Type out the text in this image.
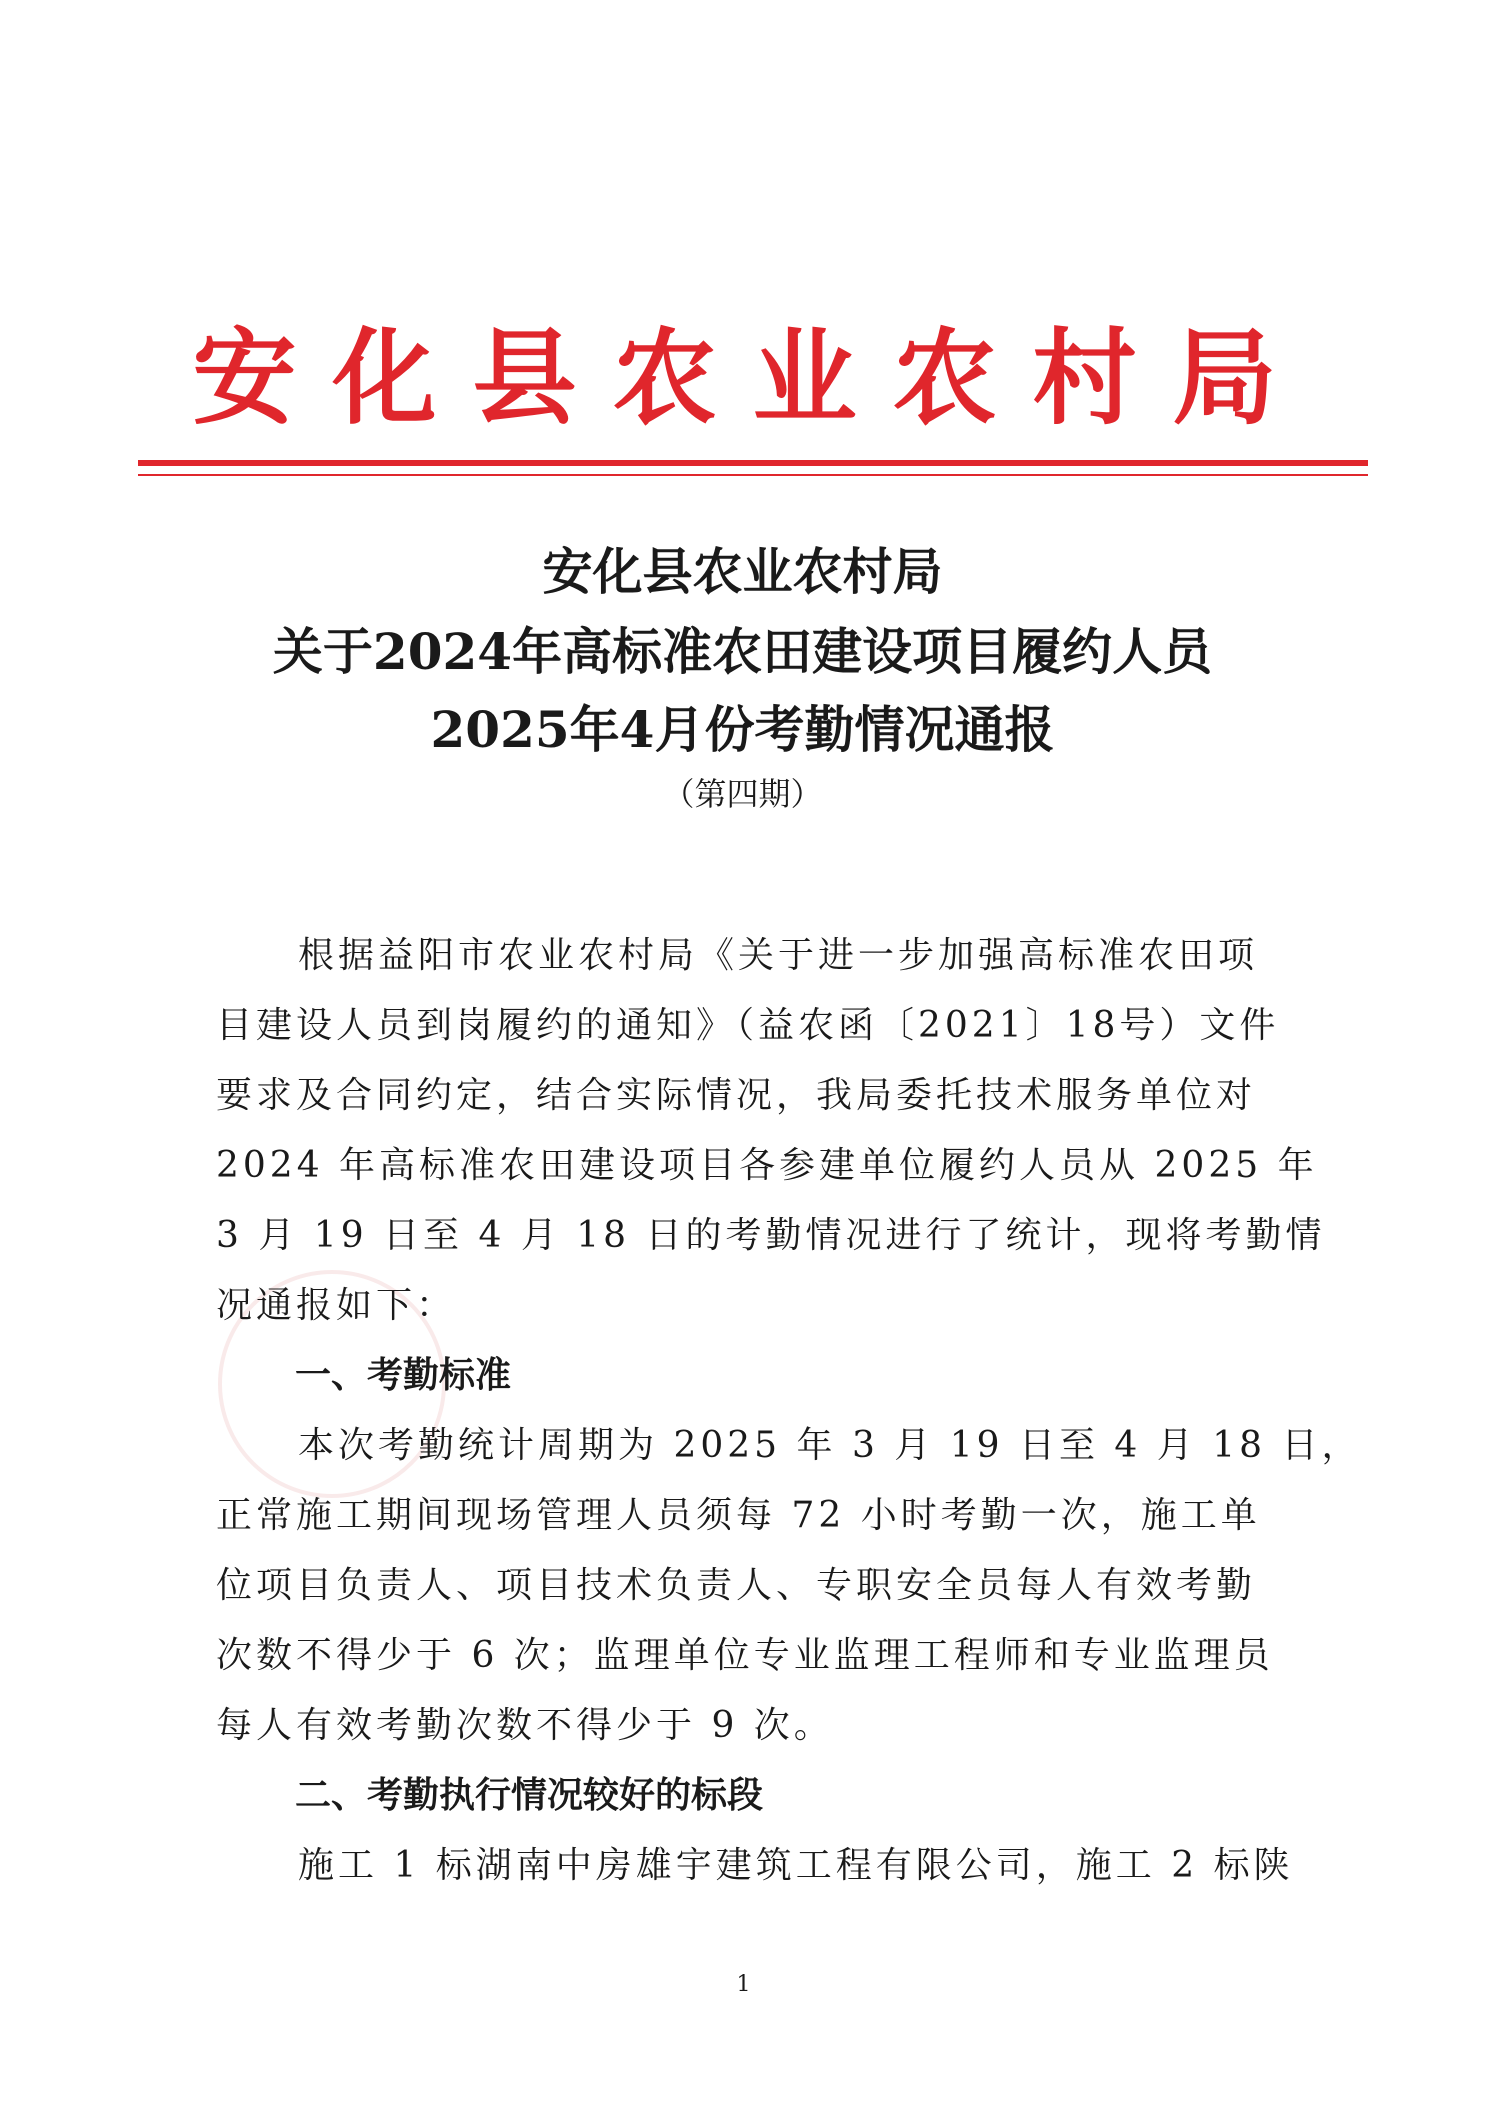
安化县农业农村局
安化县农业农村局
关于2024年高标准农田建设项目履约人员
2025年4月份考勤情况通报
（第四期）
根据益阳市农业农村局《关于进一步加强高标准农田项
目建设人员到岗履约的通知》（益农函〔2021〕18号）文件
要求及合同约定，结合实际情况，我局委托技术服务单位对
2024 年高标准农田建设项目各参建单位履约人员从 2025 年
3 月 19 日至 4 月 18 日的考勤情况进行了统计，现将考勤情
况通报如下：
一、考勤标准
本次考勤统计周期为 2025 年 3 月 19 日至 4 月 18 日，
正常施工期间现场管理人员须每 72 小时考勤一次，施工单
位项目负责人、项目技术负责人、专职安全员每人有效考勤
次数不得少于 6 次；监理单位专业监理工程师和专业监理员
每人有效考勤次数不得少于 9 次。
二、考勤执行情况较好的标段
施工 1 标湖南中房雄宇建筑工程有限公司，施工 2 标陕
1
